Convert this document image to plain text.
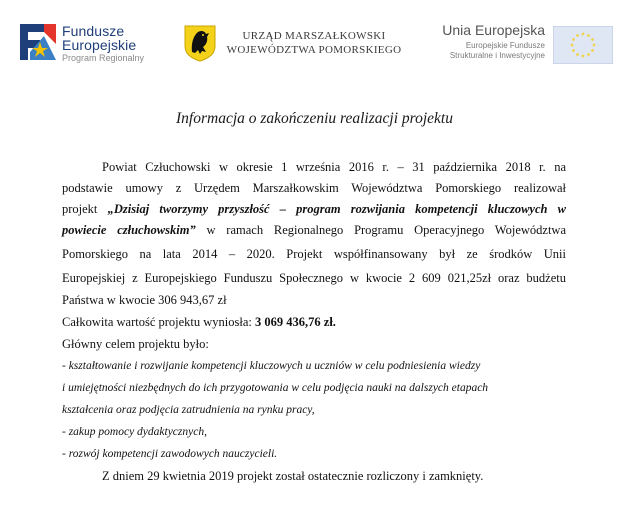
Fundusze
Europejskie
Program Regionalny
URZĄD MARSZAŁKOWSKI
WOJEWÓDZTWA POMORSKIEGO
Unia Europejska
Europejskie Fundusze
Strukturalne i Inwestycyjne
Informacja o zakończeniu realizacji projektu
Powiat Człuchowski w okresie 1 września 2016 r. – 31 października 2018 r. na
podstawie umowy z Urzędem Marszałkowskim Województwa Pomorskiego realizował
projekt „Dzisiaj tworzymy przyszłość – program rozwijania kompetencji kluczowych w
powiecie człuchowskim” w ramach Regionalnego Programu Operacyjnego Województwa
Pomorskiego na lata 2014 – 2020. Projekt współfinansowany był ze środków Unii
Europejskiej z Europejskiego Funduszu Społecznego w kwocie 2 609 021,25zł oraz budżetu
Państwa w kwocie 306 943,67 zł
Całkowita wartość projektu wyniosła: 3 069 436,76 zł.
Główny celem projektu było:
- kształtowanie i rozwijanie kompetencji kluczowych u uczniów w celu podniesienia wiedzy
i umiejętności niezbędnych do ich przygotowania w celu podjęcia nauki na dalszych etapach
kształcenia oraz podjęcia zatrudnienia na rynku pracy,
- zakup pomocy dydaktycznych,
- rozwój kompetencji zawodowych nauczycieli.
Z dniem 29 kwietnia 2019 projekt został ostatecznie rozliczony i zamknięty.
